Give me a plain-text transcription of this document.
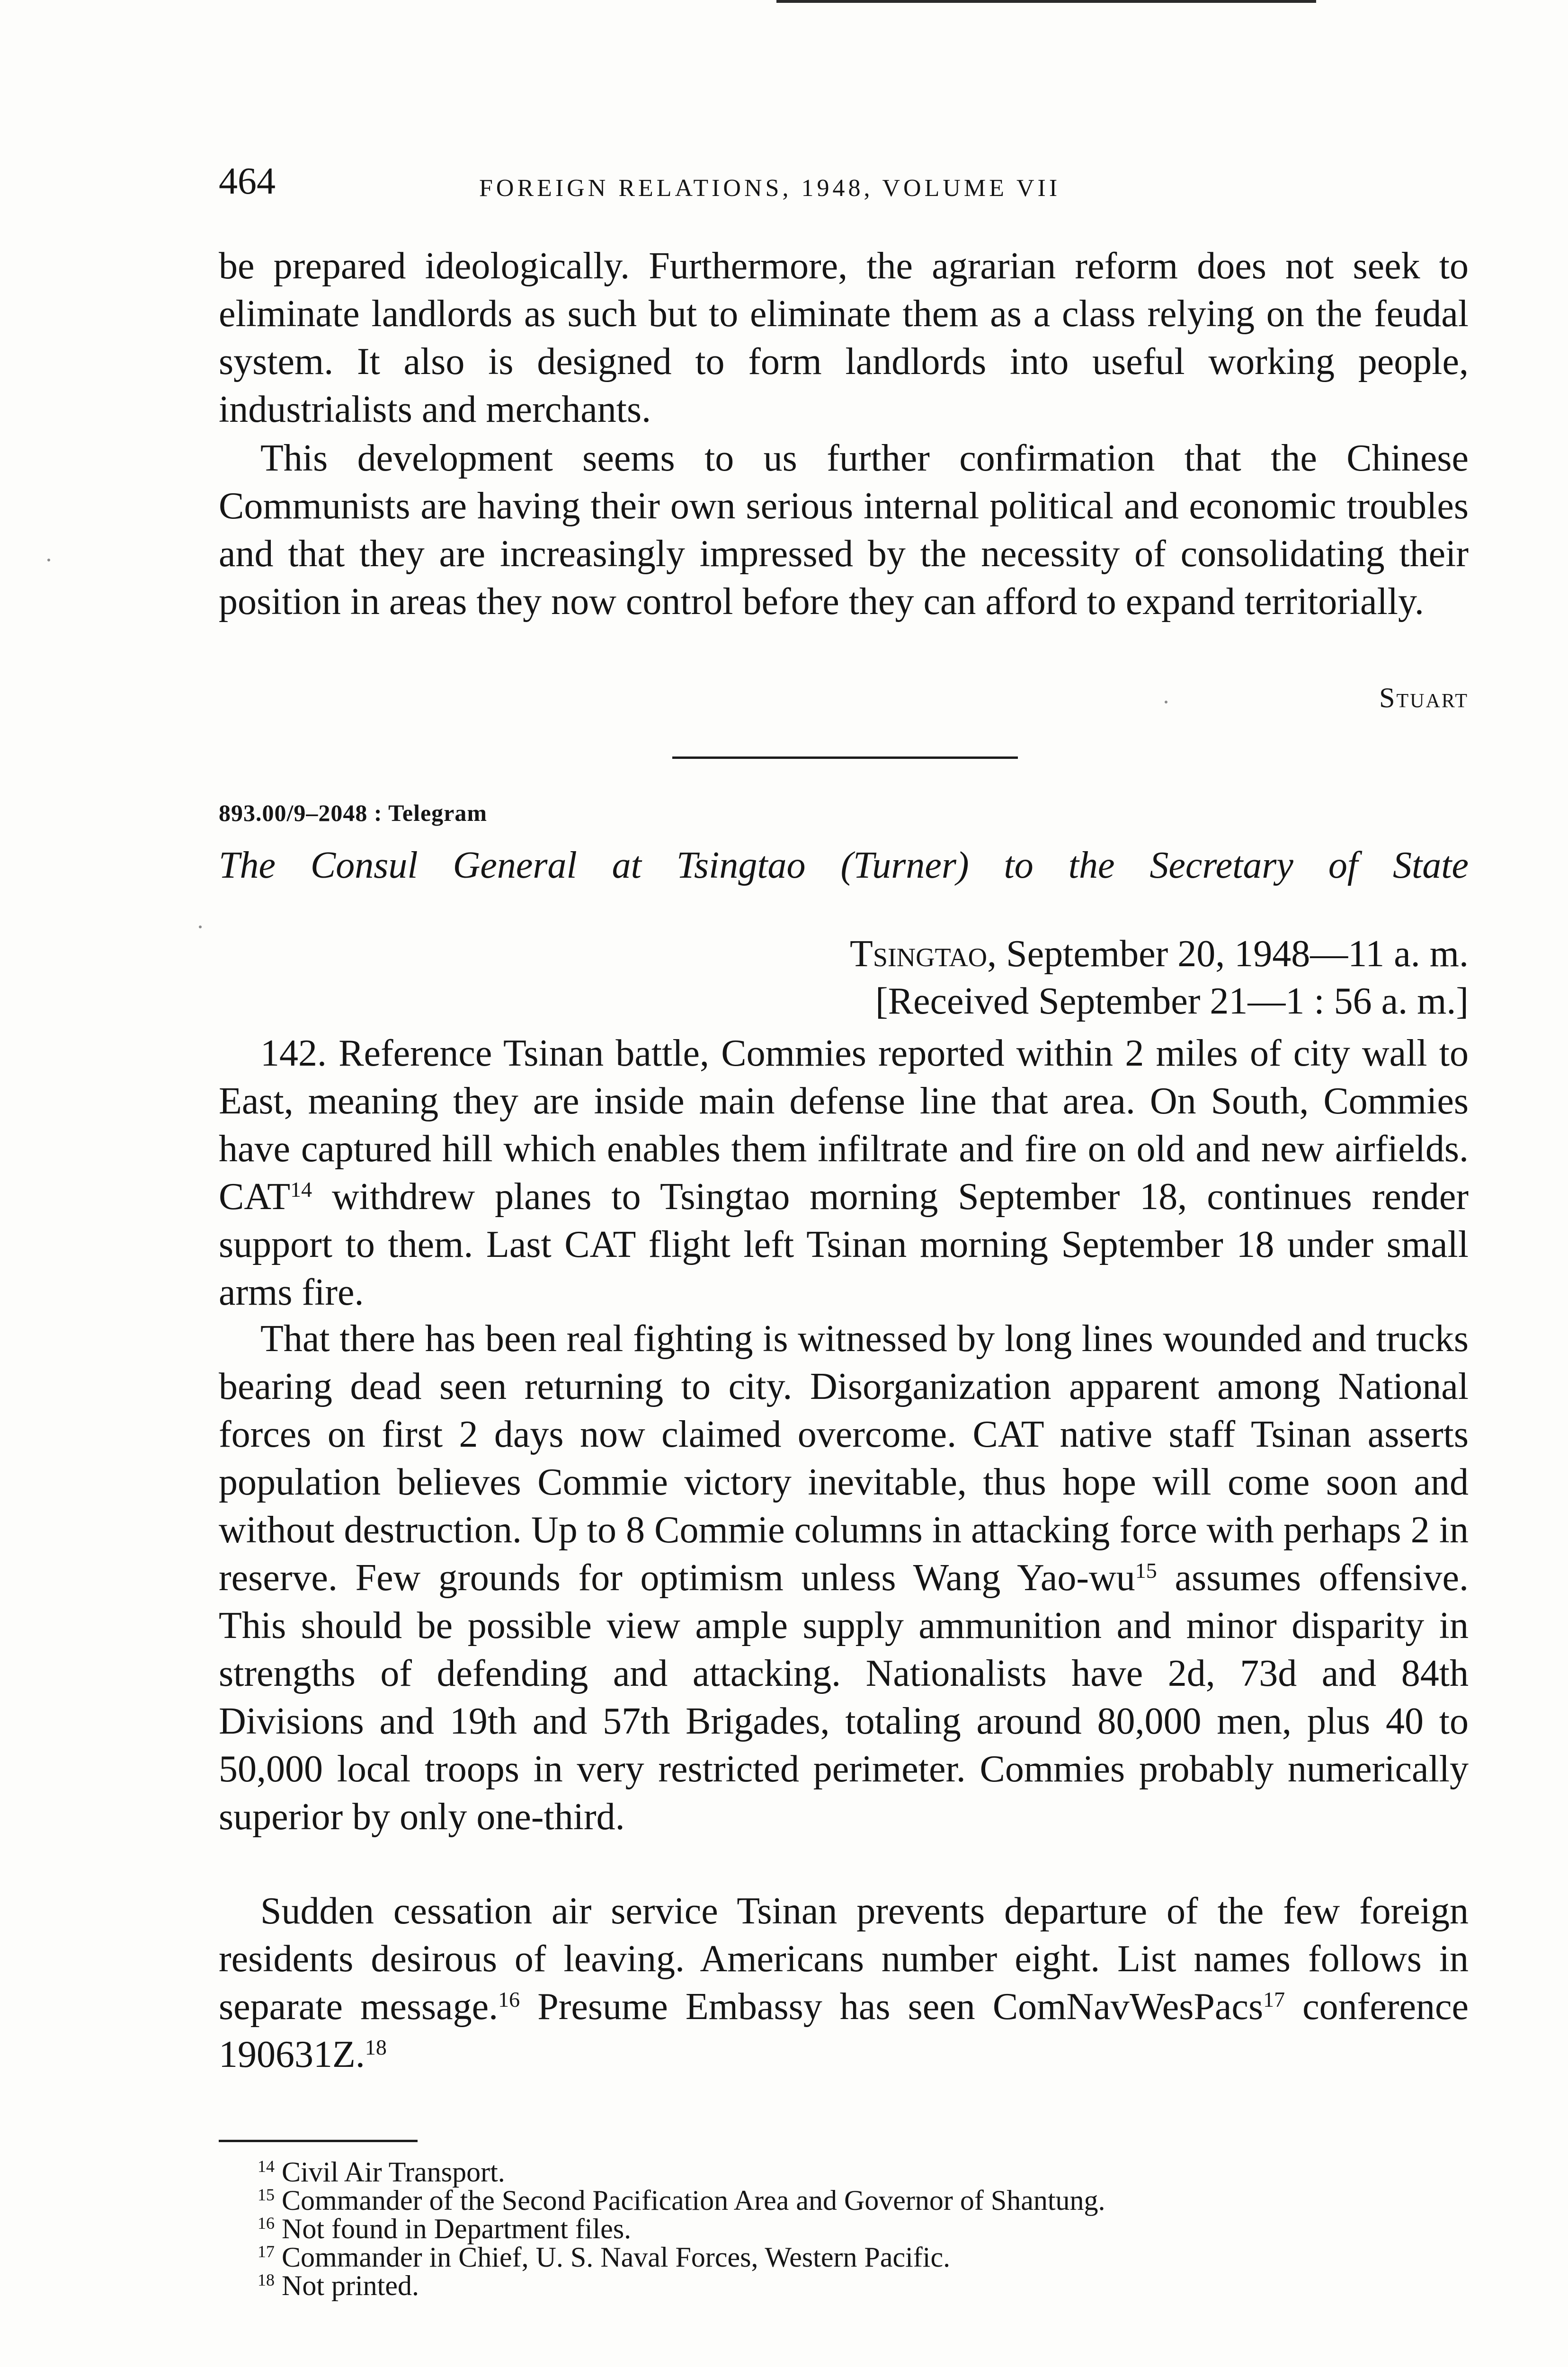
464	FOREIGN RELATIONS, 1948, VOLUME VII

be prepared ideologically. Furthermore, the agrarian reform does not seek to eliminate landlords as such but to eliminate them as a class relying on the feudal system. It also is designed to form landlords into useful working people, industrialists and merchants.

This development seems to us further confirmation that the Chinese Communists are having their own serious internal political and economic troubles and that they are increasingly impressed by the necessity of consolidating their position in areas they now control before they can afford to expand territorially.

Stuart
893.00/9–2048 : Telegram
The Consul General at Tsingtao (Turner) to the Secretary of State
Tsingtao, September 20, 1948—11 a. m.
[Received September 21—1 : 56 a. m.]

142. Reference Tsinan battle, Commies reported within 2 miles of city wall to East, meaning they are inside main defense line that area. On South, Commies have captured hill which enables them infiltrate and fire on old and new airfields. CAT$^{14}$ withdrew planes to Tsingtao morning September 18, continues render support to them. Last CAT flight left Tsinan morning September 18 under small arms fire.

That there has been real fighting is witnessed by long lines wounded and trucks bearing dead seen returning to city. Disorganization apparent among National forces on first 2 days now claimed overcome. CAT native staff Tsinan asserts population believes Commie victory inevitable, thus hope will come soon and without destruction. Up to 8 Commie columns in attacking force with perhaps 2 in reserve. Few grounds for optimism unless Wang Yao-$wu^{15}$ assumes offensive. This should be possible view ample supply ammunition and minor disparity in strengths of defending and attacking. Nationalists have 2d, 73d and 84th Divisions and 19th and 57th Brigades, totaling around 80,000 men, plus 40 to 50,000 local troops in very restricted perimeter. Commies probably numerically superior by only one-third.

Sudden cessation air service Tsinan prevents departure of the few foreign residents desirous of leaving. Americans number eight. List names follows in separate message.$^{16}$ Presume Embassy has seen ComNavWesPacs$^{17}$ conference 190631Z.$^{18}$

$^{14}$ Civil Air Transport.
$^{15}$ Commander of the Second Pacification Area and Governor of Shantung.
$^{16}$ Not found in Department files.
$^{17}$ Commander in Chief, U. S. Naval Forces, Western Pacific.
$^{18}$ Not printed.
